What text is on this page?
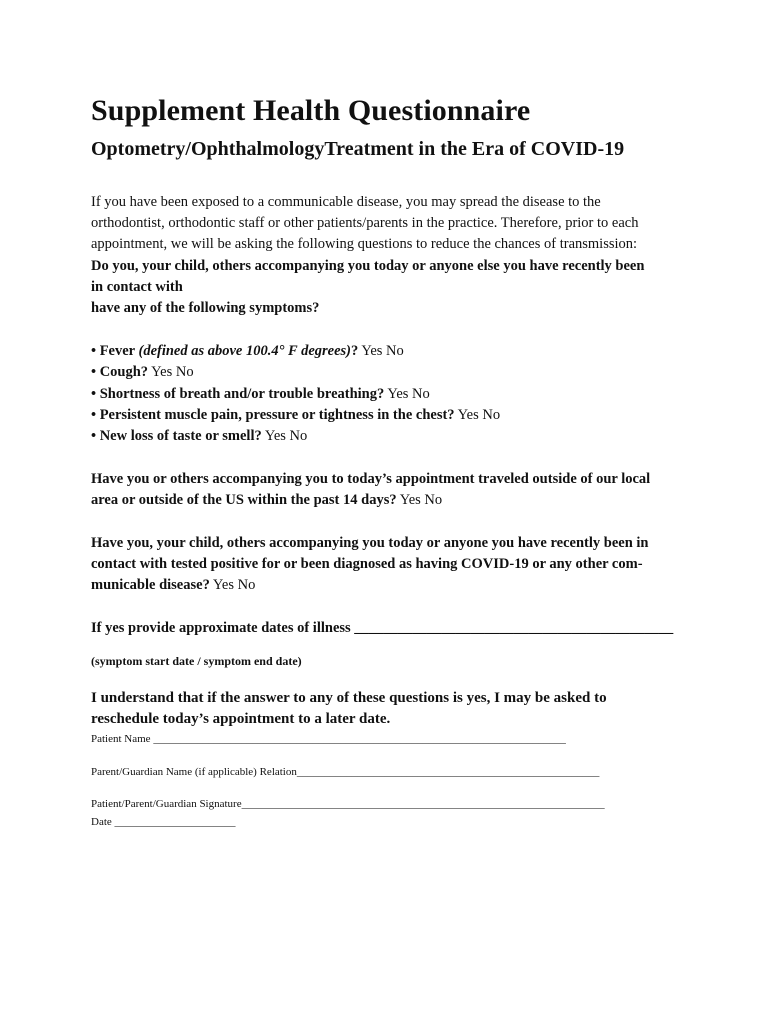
Supplement Health Questionnaire
Optometry/OphthalmologyTreatment in the Era of COVID-19

If you have been exposed to a communicable disease, you may spread the disease to the

orthodontist, orthodontic staff or other patients/parents in the practice. Therefore, prior to each

appointment, we will be asking the following questions to reduce the chances of transmission:

Do you, your child, others accompanying you today or anyone else you have recently been

in contact with

have any of the following symptoms?

• Fever (defined as above 100.4° F degrees)? Yes No

• Cough? Yes No

• Shortness of breath and/or trouble breathing? Yes No

• Persistent muscle pain, pressure or tightness in the chest? Yes No

• New loss of taste or smell? Yes No

Have you or others accompanying you to today’s appointment traveled outside of our local

area or outside of the US within the past 14 days? Yes No

Have you, your child, others accompanying you today or anyone you have recently been in

contact with tested positive for or been diagnosed as having COVID-19 or any other com-

municable disease? Yes No

If yes provide approximate dates of illness ____________________________________________

(symptom start date / symptom end date)

I understand that if the answer to any of these questions is yes, I may be asked to

reschedule today’s appointment to a later date.

Patient Name ___________________________________________________________________________

Parent/Guardian Name (if applicable) Relation_______________________________________________________

Patient/Parent/Guardian Signature__________________________________________________________________

Date ______________________
